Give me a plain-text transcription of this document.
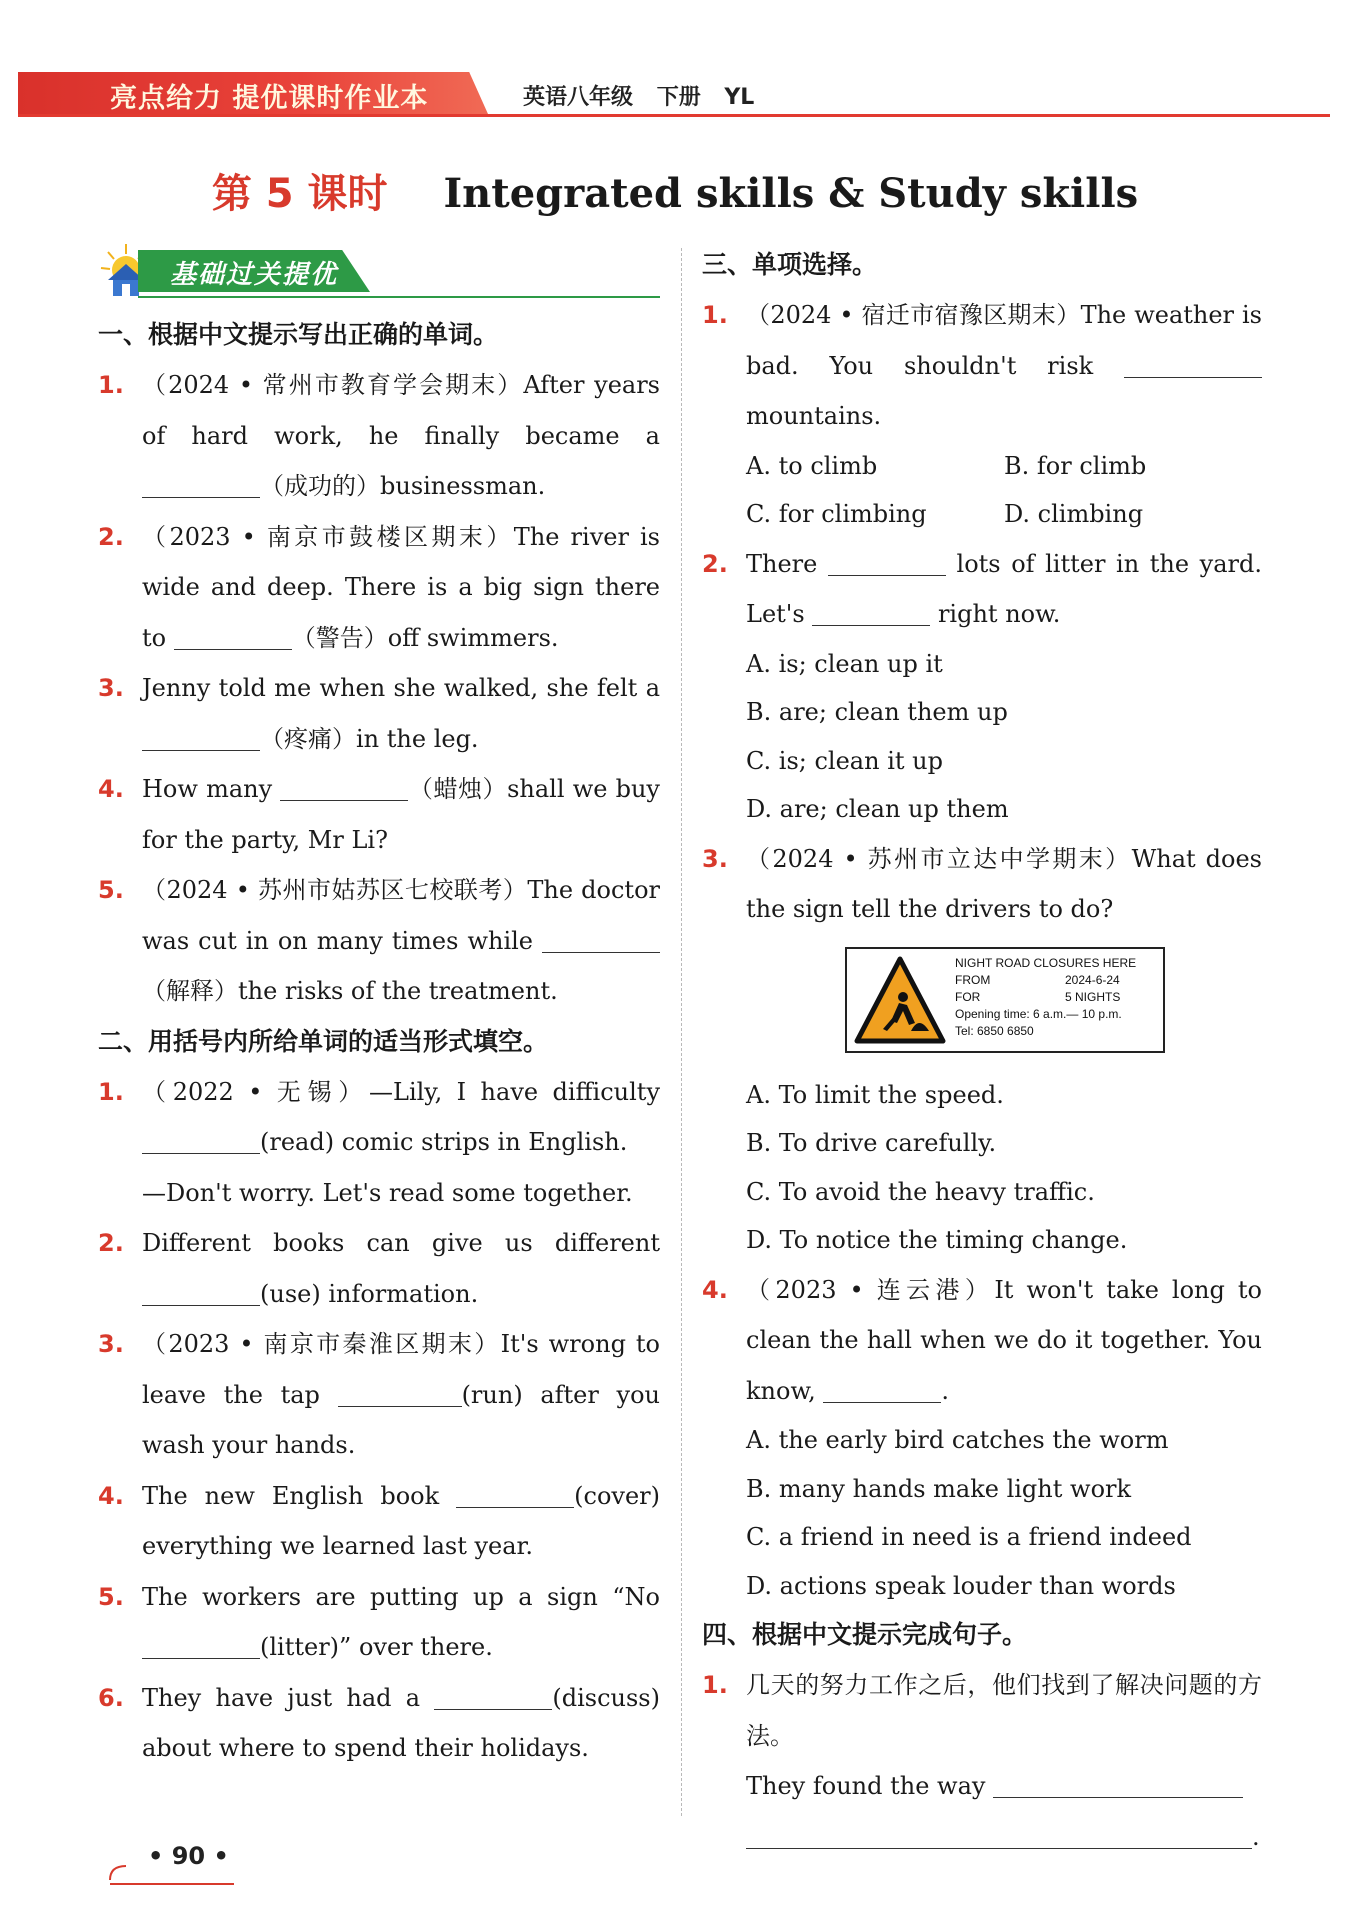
亮点给力 提优课时作业本	英语八年级 下册 YL
第 5 课时 Integrated skills & Study skills
基础过关提优
一、根据中文提示写出正确的单词。
1. （2024 • 常州市教育学会期末）After years of hard work, he finally became a （成功的）businessman.
2. （2023 • 南京市鼓楼区期末）The river is wide and deep. There is a big sign there to	（警告）off swimmers.
3. Jenny told me when she walked, she felt a （疼痛）in the leg.
4. How many	（蜡烛）shall we buy for the party, Mr Li?
5. （2024 • 苏州市姑苏区七校联考）The doctor was cut in on many times while （解释）the risks of the treatment.
二、用括号内所给单词的适当形式填空。
1. （2022 • 无锡）—Lily, I have difficulty (read) comic strips in English.
—Don't worry. Let's read some together.
2. Different books can give us different (use) information.
3. （2023 • 南京市秦淮区期末）It's wrong to leave the tap	(run) after you wash your hands.
4. The new English book	(cover) everything we learned last year.
5. The workers are putting up a sign “No (litter)” over there.
6. They have just had a	(discuss) about where to spend their holidays.
三、单项选择。
1. （2024 • 宿迁市宿豫区期末）The weather is bad. You shouldn't risk  mountains.
A. to climb	B. for climb
C. for climbing	D. climbing
2. There	lots of litter in the yard. Let's	right now.
A. is; clean up it
B. are; clean them up
C. is; clean it up
D. are; clean up them
3. （2024 • 苏州市立达中学期末）What does the sign tell the drivers to do?
NIGHT ROAD CLOSURES HERE
FROM	2024-6-24
FOR	5 NIGHTS
Opening time: 6 a.m.— 10 p.m.
Tel: 6850 6850
A. To limit the speed.
B. To drive carefully.
C. To avoid the heavy traffic.
D. To notice the timing change.
4. （2023 • 连云港）It won't take long to clean the hall when we do it together. You know,	.
A. the early bird catches the worm
B. many hands make light work
C. a friend in need is a friend indeed
D. actions speak louder than words
四、根据中文提示完成句子。
1. 几天的努力工作之后，他们找到了解决问题的方法。
They found the way
.
• 90 •
